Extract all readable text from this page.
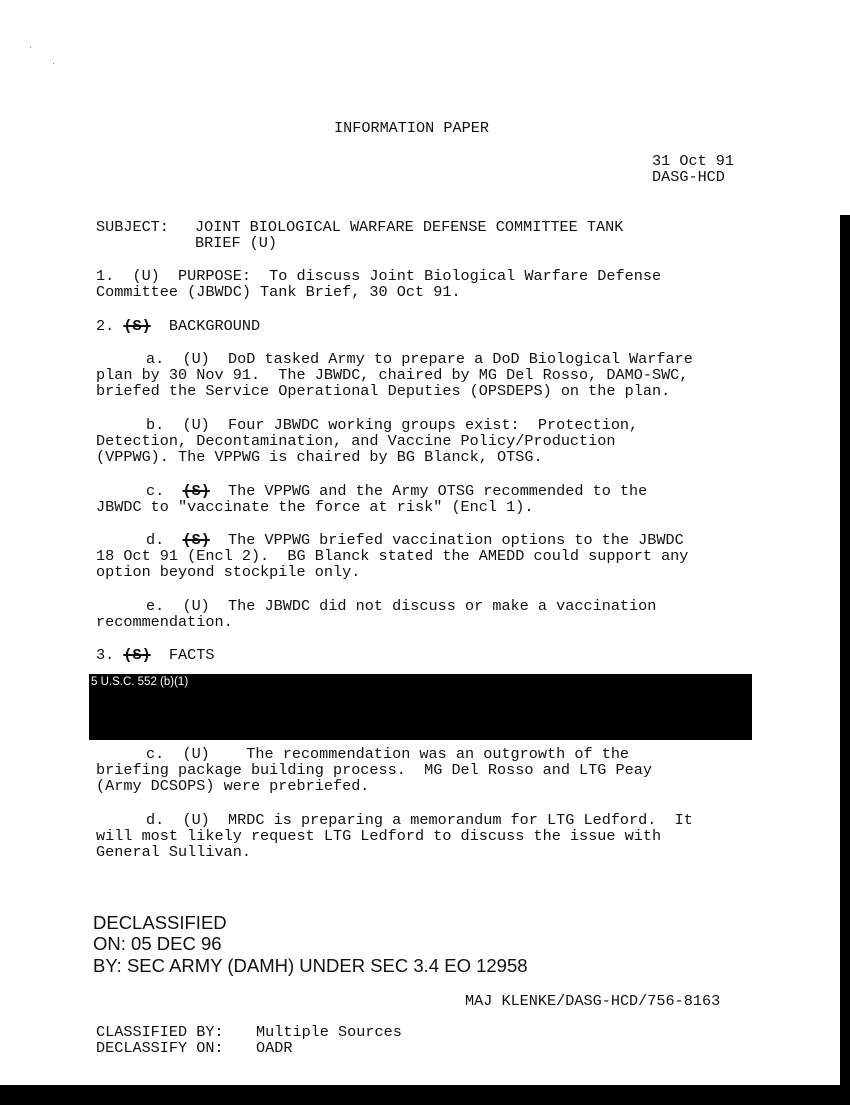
INFORMATION PAPER
31 Oct 91
DASG-HCD
SUBJECT: JOINT BIOLOGICAL WARFARE DEFENSE COMMITTEE TANK
BRIEF (U)
1.  (U)  PURPOSE:  To discuss Joint Biological Warfare Defense
Committee (JBWDC) Tank Brief, 30 Oct 91.
2. (S) BACKGROUND
a.  (U)  DoD tasked Army to prepare a DoD Biological Warfare
plan by 30 Nov 91.  The JBWDC, chaired by MG Del Rosso, DAMO-SWC,
briefed the Service Operational Deputies (OPSDEPS) on the plan.
b.  (U)  Four JBWDC working groups exist:  Protection,
Detection, Decontamination, and Vaccine Policy/Production
(VPPWG). The VPPWG is chaired by BG Blanck, OTSG.
c.  (S)  The VPPWG and the Army OTSG recommended to the
JBWDC to "vaccinate the force at risk" (Encl 1).
d.  (S)  The VPPWG briefed vaccination options to the JBWDC
18 Oct 91 (Encl 2).  BG Blanck stated the AMEDD could support any
option beyond stockpile only.
e.  (U)  The JBWDC did not discuss or make a vaccination
recommendation.
3. (S) FACTS
5 U.S.C. 552 (b)(1)
c.  (U)    The recommendation was an outgrowth of the
briefing package building process.  MG Del Rosso and LTG Peay
(Army DCSOPS) were prebriefed.
d.  (U)  MRDC is preparing a memorandum for LTG Ledford.  It
will most likely request LTG Ledford to discuss the issue with
General Sullivan.
DECLASSIFIED
ON: 05 DEC 96
BY: SEC ARMY (DAMH) UNDER SEC 3.4 EO 12958
MAJ KLENKE/DASG-HCD/756-8163
CLASSIFIED BY: Multiple Sources
DECLASSIFY ON: OADR
